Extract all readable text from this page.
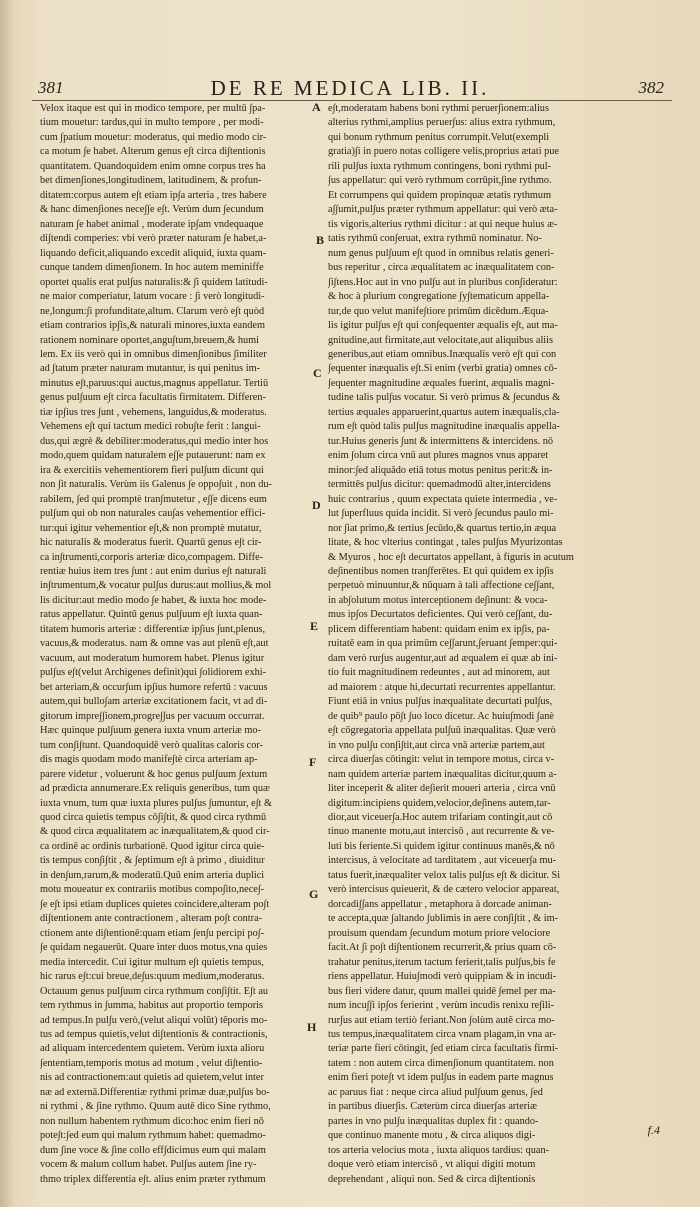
381	DE RE MEDICA LIB. II.	382
Velox itaque est qui in modico tempore, per multū ∫pa-
tium mouetur: tardus,qui in multo tempore , per modi-
cum ∫patium mouetur: moderatus, qui medio modo cir-
ca motum ∫e habet. Alterum genus e∫t circa di∫tentionis
quantitatem. Quandoquidem enim omne corpus tres ha
bet dimen∫iones,longitudinem, latitudinem, & profun-
ditatem:corpus autem e∫t etiam ip∫a arteria , tres habere
& hanc dimen∫iones nece∫∫e e∫t. Verùm dum ∫ecundum
naturam ∫e habet animal , moderate ip∫am vndequaque
di∫tendi comperies: vbi verò præter naturam ∫e habet,a-
liquando deficit,aliquando excedit aliquid, iuxta quam-
cunque tandem dimen∫ionem. In hoc autem meminiffe
oportet qualis erat pul∫us naturalis:& ∫i quidem latitudi-
ne maior comperiatur, latum vocare : ∫i verò longitudi-
ne,longum:∫i profunditate,altum. Clarum verò e∫t quòd
etiam contrarios ip∫is,& naturali minores,iuxta eandem
rationem nominare oportet,angu∫tum,breuem,& humi
lem. Ex iis verò qui in omnibus dimen∫ionibus ∫imiliter
ad ∫tatum præter naturam mutantur, is qui penitus im-
minutus e∫t,paruus:qui auctus,magnus appellatur. Tertiū
genus pul∫uum e∫t circa facultatis firmitatem. Differen-
tiæ ip∫ius tres ∫unt , vehemens, languidus,& moderatus.
Vehemens e∫t qui tactum medici robu∫te ferit : langui-
dus,qui ægrè & debiliter:moderatus,qui medio inter hos
modo,quem quidam naturalem e∫∫e putauerunt: nam ex
ira & exercitiis vehementiorem fieri pul∫um dicunt qui
non ∫it naturalis. Verùm iis Galenus ∫e oppo∫uit , non du-
rabilem, ∫ed qui promptè tran∫mutetur , e∫∫e dicens eum
pul∫um qui ob non naturales cau∫as vehementior effici-
tur:qui igitur vehementior e∫t,& non promptè mutatur,
hic naturalis & moderatus fuerit. Quartū genus e∫t cir-
ca in∫trumenti,corporis arteriæ dico,compagem. Diffe-
rentiæ huius item tres ∫unt : aut enim durius e∫t naturali
in∫trumentum,& vocatur pul∫us durus:aut mollius,& mol
lis dicitur:aut medio modo ∫e habet, & iuxta hoc mode-
ratus appellatur. Quintū genus pul∫uum e∫t iuxta quan-
titatem humoris arteriæ : differentiæ ip∫ius ∫unt,plenus,
vacuus,& moderatus. nam & omne vas aut plenū e∫t,aut
vacuum, aut moderatum humorem habet. Plenus igitur
pul∫us e∫t(velut Archigenes definit)qui ∫olidiorem exhi-
bet arteriam,& occur∫um ip∫ius humore refertū : vacuus
autem,qui bullo∫am arteriæ excitationem facit, vt ad di-
gitorum impre∫∫ionem,progre∫∫us per vacuum occurrat.
Hæc quinque pul∫uum genera iuxta vnum arteriæ mo-
tum con∫i∫tunt. Quandoquidē verò qualitas caloris cor-
dis magis quodam modo manife∫tè circa arteriam ap-
parere videtur , voluerunt & hoc genus pul∫uum ∫extum
ad prædicta annumerare.Ex reliquis generibus, tum quæ
iuxta vnum, tum quæ iuxta plures pul∫us ∫umuntur, e∫t &
quod circa quietis tempus cō∫i∫tit, & quod circa rythmū
& quod circa æqualitatem ac inæqualitatem,& quod cir-
ca ordinē ac ordinis turbationē. Quod igitur circa quie-
tis tempus con∫i∫tit , & ∫eptimum e∫t à primo , diuiditur
in den∫um,rarum,& moderatū.Quū enim arteria duplici
motu moueatur ex contrariis motibus compo∫ito,nece∫-
∫e e∫t ipsi etiam duplices quietes coincidere,alteram po∫t
di∫tentionem ante contractionem , alteram po∫t contra-
ctionem ante di∫tentionē:quam etiam ∫en∫u percipi po∫-
∫e quidam negauerūt. Quare inter duos motus,vna quies
media intercedit. Cui igitur multum e∫t quietis tempus,
hic rarus e∫t:cui breue,de∫us:quum medium,moderatus.
Octauum genus pul∫uum circa rythmum con∫i∫tit. E∫t au
tem rythmus in ∫umma, habitus aut proportio temporis
ad tempus.In pul∫u verò,(velut aliqui volūt) tēporis mo-
tus ad tempus quietis,velut di∫tentionis & contractionis,
ad aliquam intercedentem quietem. Verùm iuxta alioru
∫ententiam,temporis motus ad motum , velut di∫tentio-
nis ad contractionem:aut quietis ad quietem,velut inter
næ ad externā.Differentiæ rythmi primæ duæ,pul∫us bo-
ni rythmi , & ∫ine rythmo. Quum autē dico Sine rythmo,
non nullum habentem rythmum dico:hoc enim fieri nō
pote∫t:∫ed eum qui malum rythmum habet: quemadmo-
dum ∫ine voce & ∫ine collo eff∫dicimus eum qui malam
vocem & malum collum habet. Pul∫us autem ∫ine ry-
thmo triplex differentia e∫t. alius enim præter rythmum
e∫t,moderatam habens boni rythmi peruer∫ionem:alius
alterius rythmi,amplius peruer∫us: alius extra rythmum,
qui bonum rythmum penitus corrumpit.Velut(exempli
gratia)∫i in puero notas colligere velis,proprius ætati pue
rili pul∫us iuxta rythmum contingens, boni rythmi pul-
∫us appellatur: qui verò rythmum corrūpit,∫ine rythmo.
Et corrumpens qui quidem propinquæ ætatis rythmum
a∫∫umit,pul∫us præter rythmum appellatur: qui verò æta-
tis vigoris,alterius rythmi dicitur : at qui neque huius æ-
tatis rythmū con∫eruat, extra rythmū nominatur. No-
num genus pul∫uum e∫t quod in omnibus relatis generi-
bus reperitur , circa æqualitatem ac inæqualitatem con-
∫i∫tens.Hoc aut in vno pul∫u aut in pluribus con∫ideratur:
& hoc à plurium congregatione ∫y∫tematicum appella-
tur,de quo velut manife∫tiore primūm dicēdum.Æqua-
lis igitur pul∫us e∫t qui con∫equenter æqualis e∫t, aut ma-
gnitudine,aut firmitate,aut velocitate,aut aliquibus aliis
generibus,aut etiam omnibus.Inæqualis verò e∫t qui con
∫equenter inæqualis e∫t.Si enim (verbi gratia) omnes cō-
∫equenter magnitudine æquales fuerint, æqualis magni-
tudine talis pul∫us vocatur. Si verò primus & ∫ecundus &
tertius æquales apparuerint,quartus autem inæqualis,cla-
rum e∫t quòd talis pul∫us magnitudine inæqualis appella-
tur.Huius generis ∫unt & intermittens & intercidens. nō
enim ∫olum circa vnū aut plures magnos vnus apparet
minor:∫ed aliquādo etiā totus motus penitus perit:& in-
termittēs pul∫us dicitur: quemadmodū alter,intercidens
huic contrarius , quum expectata quiete intermedia , ve-
lut ∫uperfluus quida incidit. Si verò ∫ecundus paulo mi-
nor ∫iat primo,& tertius ∫ecūdo,& quartus tertio,in æqua
litate, & hoc vlterius contingat , tales pul∫us Myurizontas
& Myuros , hoc e∫t decurtatos appellant, à figuris in acutum
de∫inentibus nomen tran∫ferētes. Et qui quidem ex ip∫is
perpetuò minuuntur,& nūquam à tali affectione ce∫∫ant,
in ab∫olutum motus interceptionem de∫inunt: & voca-
mus ip∫os Decurtatos deficientes. Qui verò ce∫∫ant, du-
plicem differentiam habent: quidam enim ex ip∫is, pa-
ruitatē eam in qua primūm ce∫∫arunt,∫eruant ∫emper:qui-
dam verò rur∫us augentur,aut ad æqualem ei quæ ab ini-
tio fuit magnitudinem redeuntes , aut ad minorem, aut
ad maiorem : atque hi,decurtati recurrentes appellantur.
Fiunt etiā in vnius pul∫us inæqualitate decurtati pul∫us,
de quib⁹ paulo pō∫t ∫uo loco dicetur. Ac huiu∫modi ∫anè
e∫t cōgregatoria appellata pul∫uū inæqualitas. Quæ verò
in vno pul∫u con∫i∫tit,aut circa vnā arteriæ partem,aut
circa diuer∫as cōtingit: velut in tempore motus, circa v-
nam quidem arteriæ partem inæqualitas dicitur,quum a-
liter inceperit & aliter de∫ierit moueri arteria , circa vnū
digitum:incipiens quidem,velocior,de∫inens autem,tar-
dior,aut viceuer∫a.Hoc autem trifariam contingit,aut cō
tinuo manente motu,aut intercisō , aut recurrente & ve-
luti bis feriente.Si quidem igitur continuus manēs,& nō
intercisus, à velocitate ad tarditatem , aut viceuer∫a mu-
tatus fuerit,inæqualiter velox talis pul∫us e∫t & dicitur. Si
verò intercisus quieuerit, & de cætero velocior appareat,
dorcadi∫∫ans appellatur , metaphora à dorcade animan-
te accepta,quæ ∫altando ∫ublimis in aere con∫i∫tit , & im-
prouisum quendam ∫ecundum motum priore velociore
facit.At ∫i po∫t di∫tentionem recurrerit,& prius quam cō-
trahatur penitus,iterum tactum ferierit,talis pul∫us,bis fe
riens appellatur. Huiu∫modi verò quippiam & in incudi-
bus fieri videre datur, quum mallei quidē ∫emel per ma-
num incu∫∫i ip∫os ferierint , verùm incudis renixu re∫ili-
rur∫us aut etiam tertiò feriant.Non ∫olùm autē circa mo-
tus tempus,inæqualitatem circa vnam plagam,in vna ar-
teriæ parte fieri cōtingit, ∫ed etiam circa facultatis firmi-
tatem : non autem circa dimen∫ionum quantitatem. non
enim fieri pote∫t vt idem pul∫us in eadem parte magnus
ac paruus fiat : neque circa aliud pul∫uum genus, ∫ed
in partibus diuer∫is. Cæterùm circa diuer∫as arteriæ
partes in vno pul∫u inæqualitas duplex fit : quando-
que continuo manente motu , & circa aliquos digi-
tos arteria velocius mota , iuxta aliquos tardius: quan-
doque verò etiam intercisō , vt aliqui digiti motum
deprehendant , aliqui non. Sed & circa di∫tentionis
A
B
C
D
E
F
G
H
f.4
